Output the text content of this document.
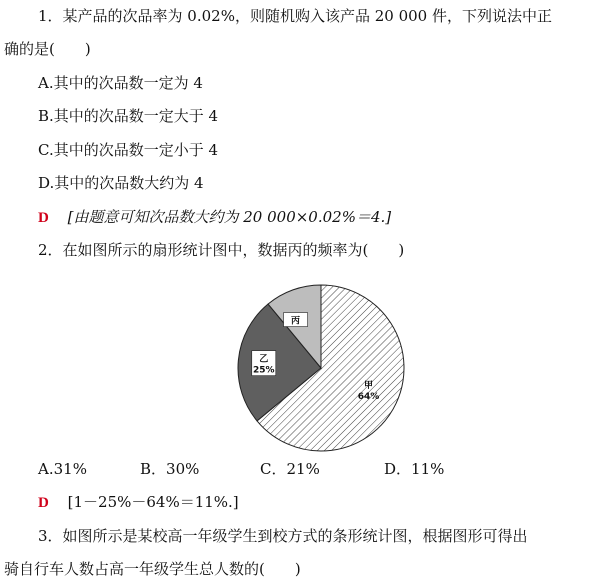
1．某产品的次品率为 0.02%，则随机购入该产品 20 000 件，下列说法中正
确的是(　　)
A.其中的次品数一定为 4
B.其中的次品数一定大于 4
C.其中的次品数一定小于 4
D.其中的次品数大约为 4
D [由题意可知次品数大约为 20 000×0.02%＝4.]
2．在如图所示的扇形统计图中，数据丙的频率为(　　)
甲
64%
乙
25%
丙
A.31%	B．30%	C．21%	D．11%
D [1－25%－64%＝11%.]
3．如图所示是某校高一年级学生到校方式的条形统计图，根据图形可得出
骑自行车人数占高一年级学生总人数的(　　)
